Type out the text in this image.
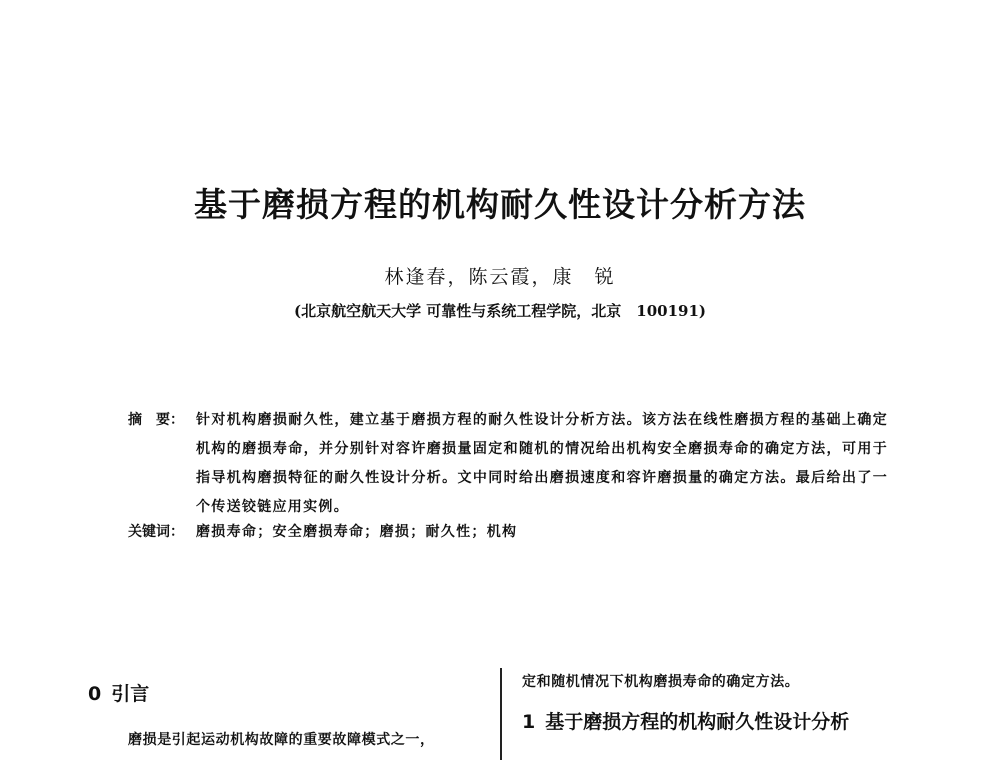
基于磨损方程的机构耐久性设计分析方法
林逢春，陈云霞，康　锐
(北京航空航天大学 可靠性与系统工程学院，北京　100191)
摘　要： 针对机构磨损耐久性，建立基于磨损方程的耐久性设计分析方法。该方法在线性磨损方程的基础上确定机构的磨损寿命，并分别针对容许磨损量固定和随机的情况给出机构安全磨损寿命的确定方法，可用于指导机构磨损特征的耐久性设计分析。文中同时给出磨损速度和容许磨损量的确定方法。最后给出了一个传送铰链应用实例。
关键词： 磨损寿命；安全磨损寿命；磨损；耐久性；机构
0 引言

磨损是引起运动机构故障的重要故障模式之一，

定和随机情况下机构磨损寿命的确定方法。

1 基于磨损方程的机构耐久性设计分析
